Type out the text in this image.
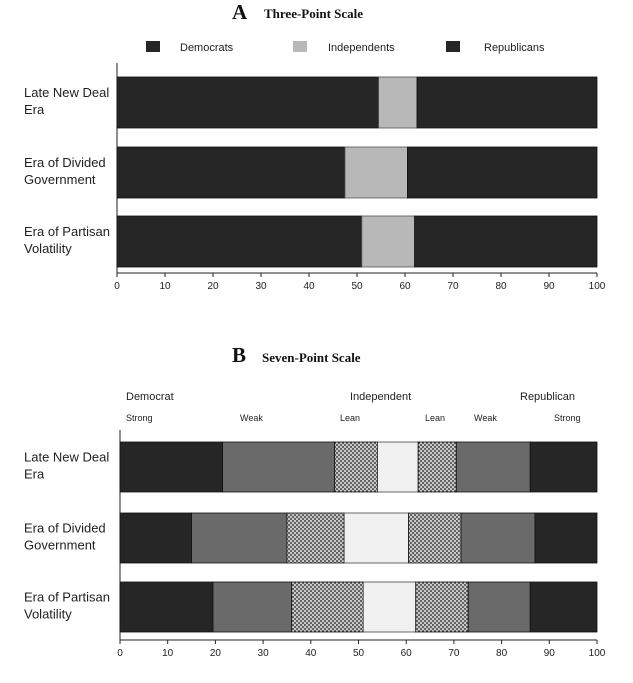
A Three-Point Scale
Democrats	Independents	Republicans
0	10	20	30	40	50	60	70	80	90	100
Late New Deal
Era
Era of Divided
Government
Era of Partisan
Volatility
B Seven-Point Scale
Democrat	Independent	Republican
Strong	Weak	Lean	Lean	Weak	Strong
0	10	20	30	40	50	60	70	80	90	100
Late New Deal
Era
Era of Divided
Government
Era of Partisan
Volatility
